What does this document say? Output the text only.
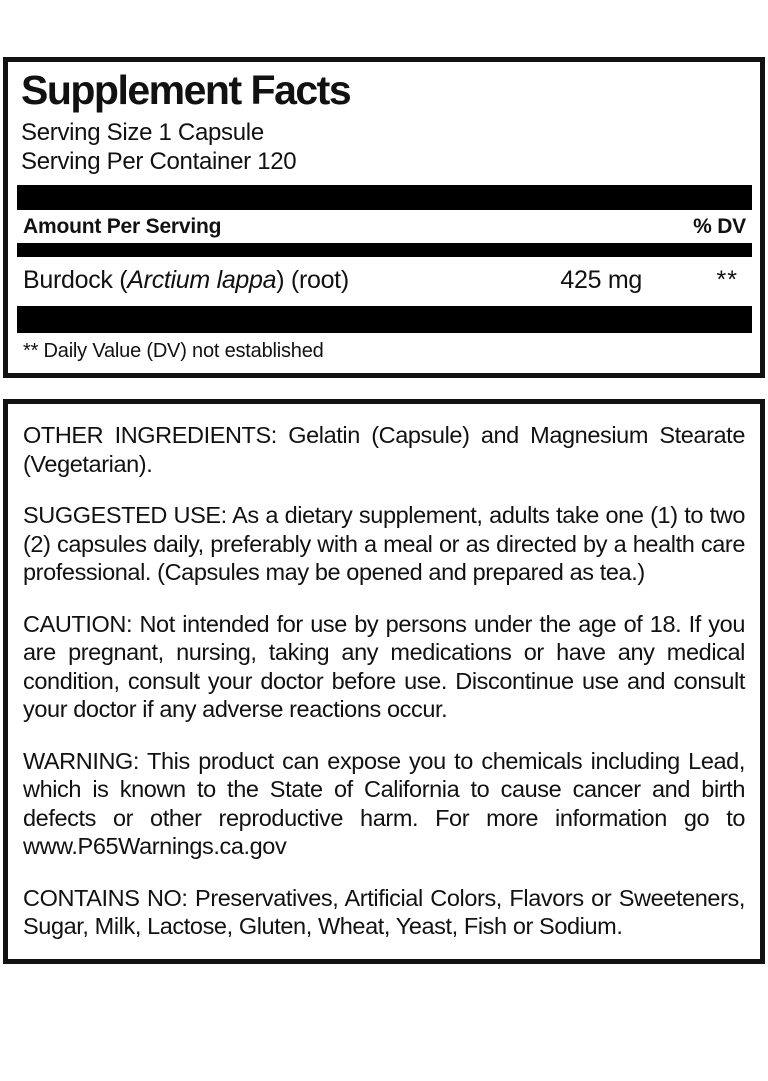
Supplement Facts
Serving Size 1 Capsule
Serving Per Container 120
Amount Per Serving	% DV
Burdock (Arctium lappa) (root)	425 mg	**
** Daily Value (DV) not established

OTHER INGREDIENTS: Gelatin (Capsule) and Magnesium Stearate (Vegetarian).

SUGGESTED USE: As a dietary supplement, adults take one (1) to two (2) capsules daily, preferably with a meal or as directed by a health care professional. (Capsules may be opened and prepared as tea.)

CAUTION: Not intended for use by persons under the age of 18. If you are pregnant, nursing, taking any medications or have any medical condition, consult your doctor before use. Discontinue use and consult your doctor if any adverse reactions occur.

WARNING: This product can expose you to chemicals including Lead, which is known to the State of California to cause cancer and birth defects or other reproductive harm. For more information go to www.P65Warnings.ca.gov

CONTAINS NO: Preservatives, Artificial Colors, Flavors or Sweeteners, Sugar, Milk, Lactose, Gluten, Wheat, Yeast, Fish or Sodium.
